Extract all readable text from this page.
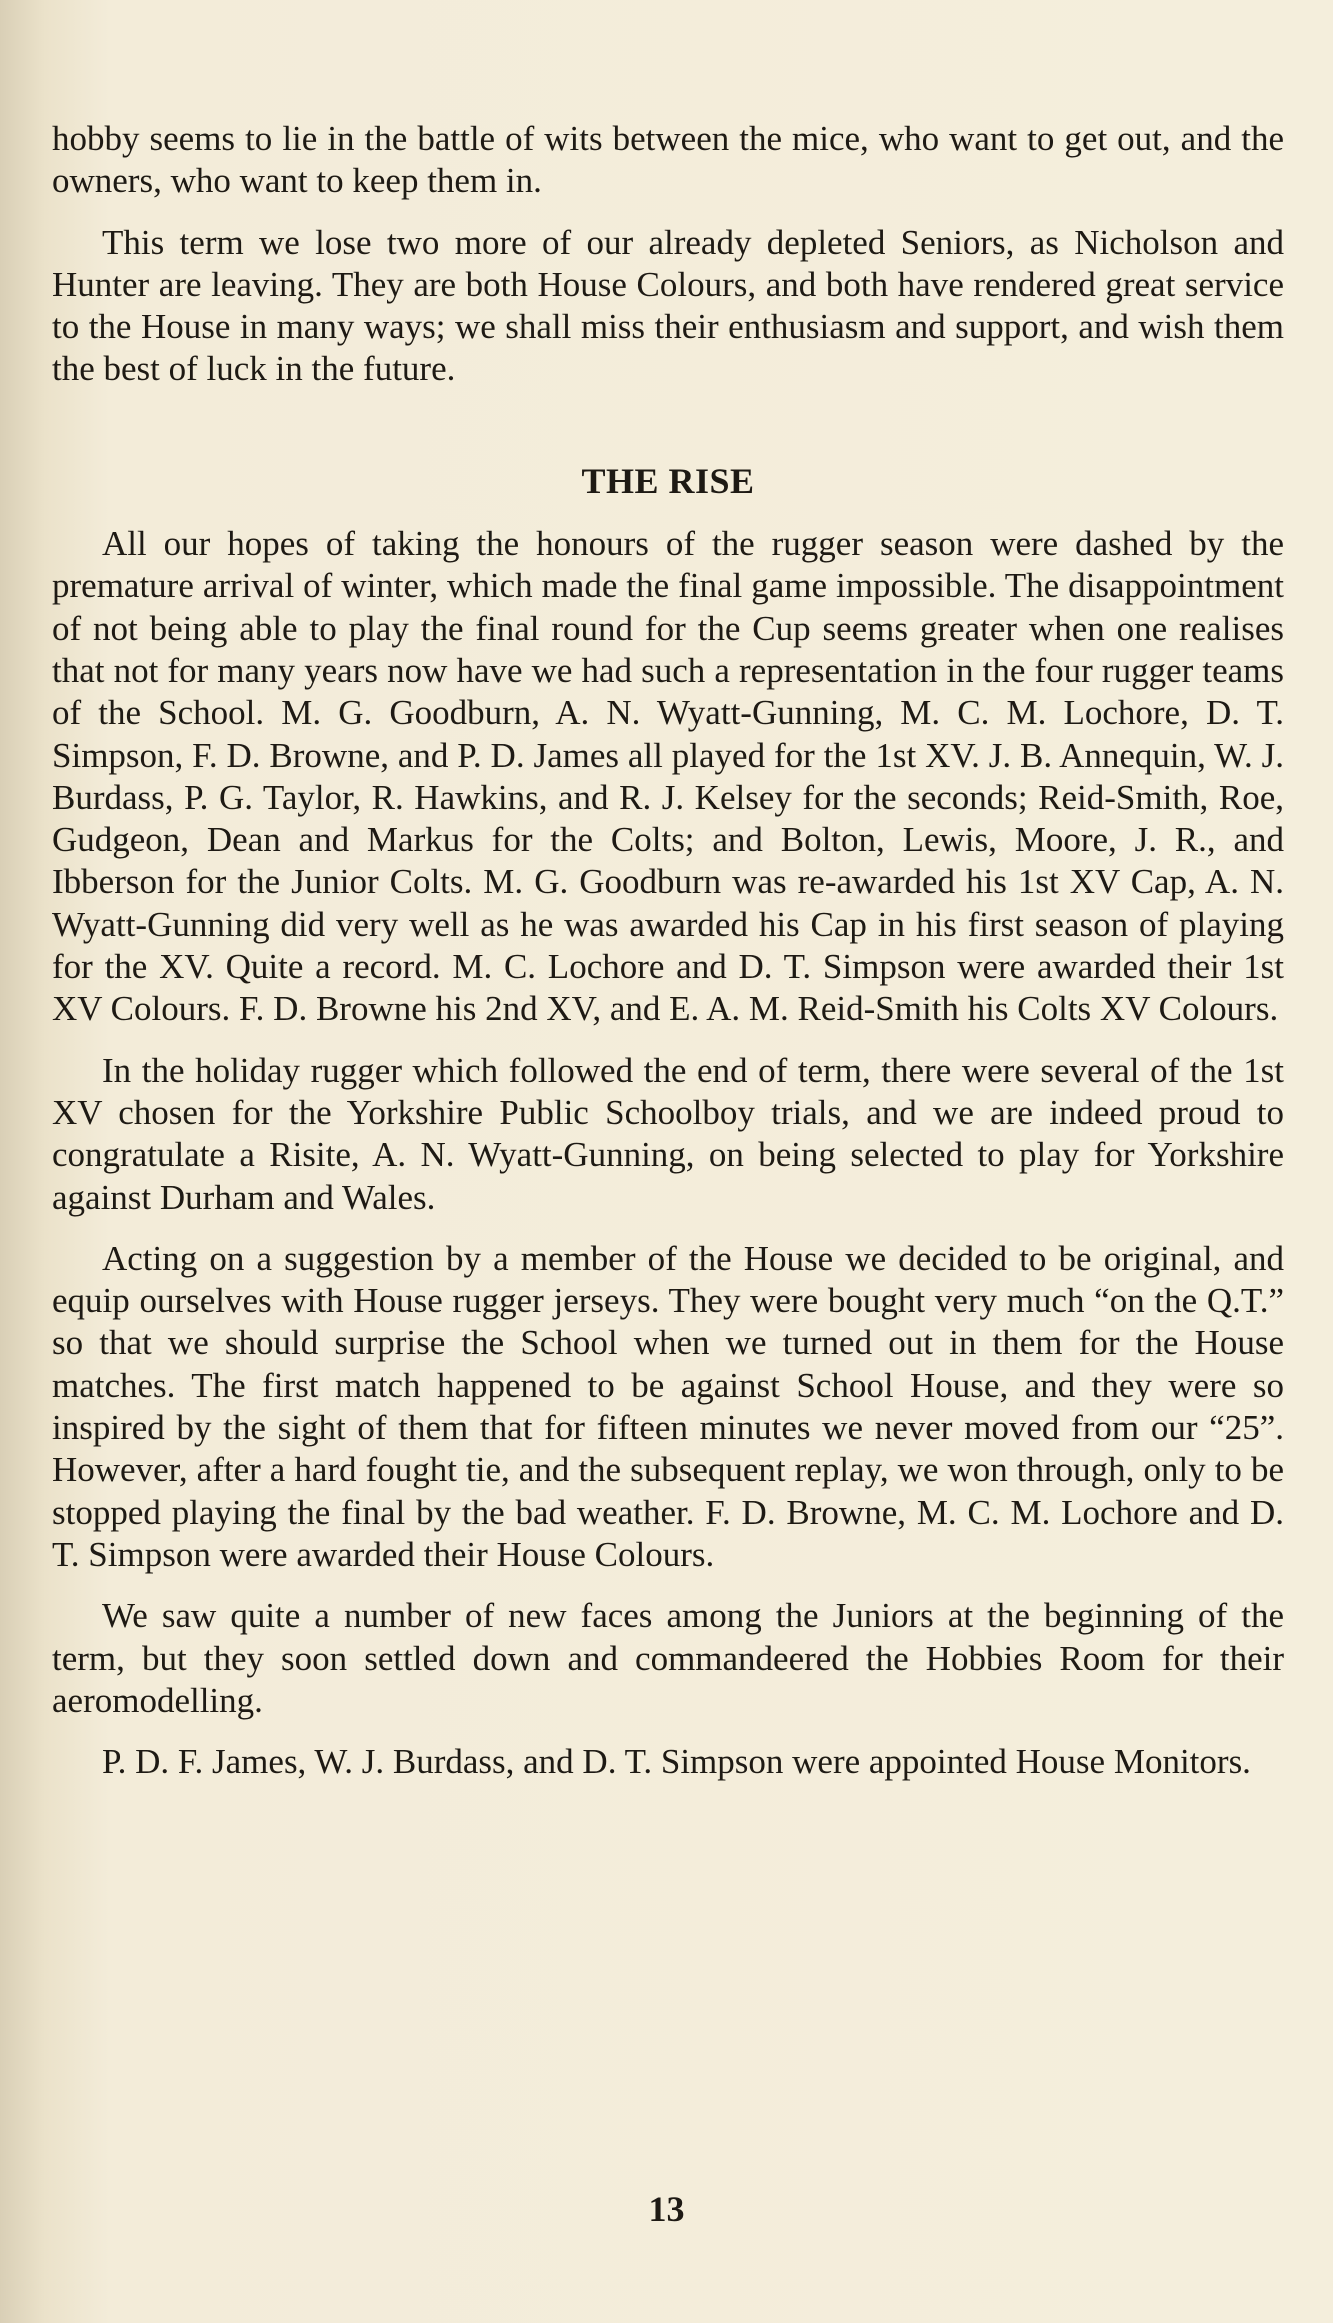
hobby seems to lie in the battle of wits between the mice, who want to get out, and the owners, who want to keep them in.

This term we lose two more of our already depleted Seniors, as Nicholson and Hunter are leaving. They are both House Colours, and both have rendered great service to the House in many ways; we shall miss their enthusiasm and support, and wish them the best of luck in the future.

THE RISE

All our hopes of taking the honours of the rugger season were dashed by the premature arrival of winter, which made the final game impossible. The disappointment of not being able to play the final round for the Cup seems greater when one realises that not for many years now have we had such a representation in the four rugger teams of the School. M. G. Goodburn, A. N. Wyatt-Gunning, M. C. M. Lochore, D. T. Simpson, F. D. Browne, and P. D. James all played for the 1st XV. J. B. Annequin, W. J. Burdass, P. G. Taylor, R. Hawkins, and R. J. Kelsey for the seconds; Reid-Smith, Roe, Gudgeon, Dean and Markus for the Colts; and Bolton, Lewis, Moore, J. R., and Ibberson for the Junior Colts. M. G. Goodburn was re-awarded his 1st XV Cap, A. N. Wyatt-Gunning did very well as he was awarded his Cap in his first season of playing for the XV. Quite a record. M. C. Lochore and D. T. Simpson were awarded their 1st XV Colours. F. D. Browne his 2nd XV, and E. A. M. Reid-Smith his Colts XV Colours.

In the holiday rugger which followed the end of term, there were several of the 1st XV chosen for the Yorkshire Public Schoolboy trials, and we are indeed proud to congratulate a Risite, A. N. Wyatt-Gunning, on being selected to play for Yorkshire against Durham and Wales.

Acting on a suggestion by a member of the House we decided to be original, and equip ourselves with House rugger jerseys. They were bought very much “on the Q.T.” so that we should surprise the School when we turned out in them for the House matches. The first match happened to be against School House, and they were so inspired by the sight of them that for fifteen minutes we never moved from our “25”. However, after a hard fought tie, and the subsequent replay, we won through, only to be stopped playing the final by the bad weather. F. D. Browne, M. C. M. Lochore and D. T. Simpson were awarded their House Colours.

We saw quite a number of new faces among the Juniors at the beginning of the term, but they soon settled down and commandeered the Hobbies Room for their aeromodelling.

P. D. F. James, W. J. Burdass, and D. T. Simpson were appointed House Monitors.

13
